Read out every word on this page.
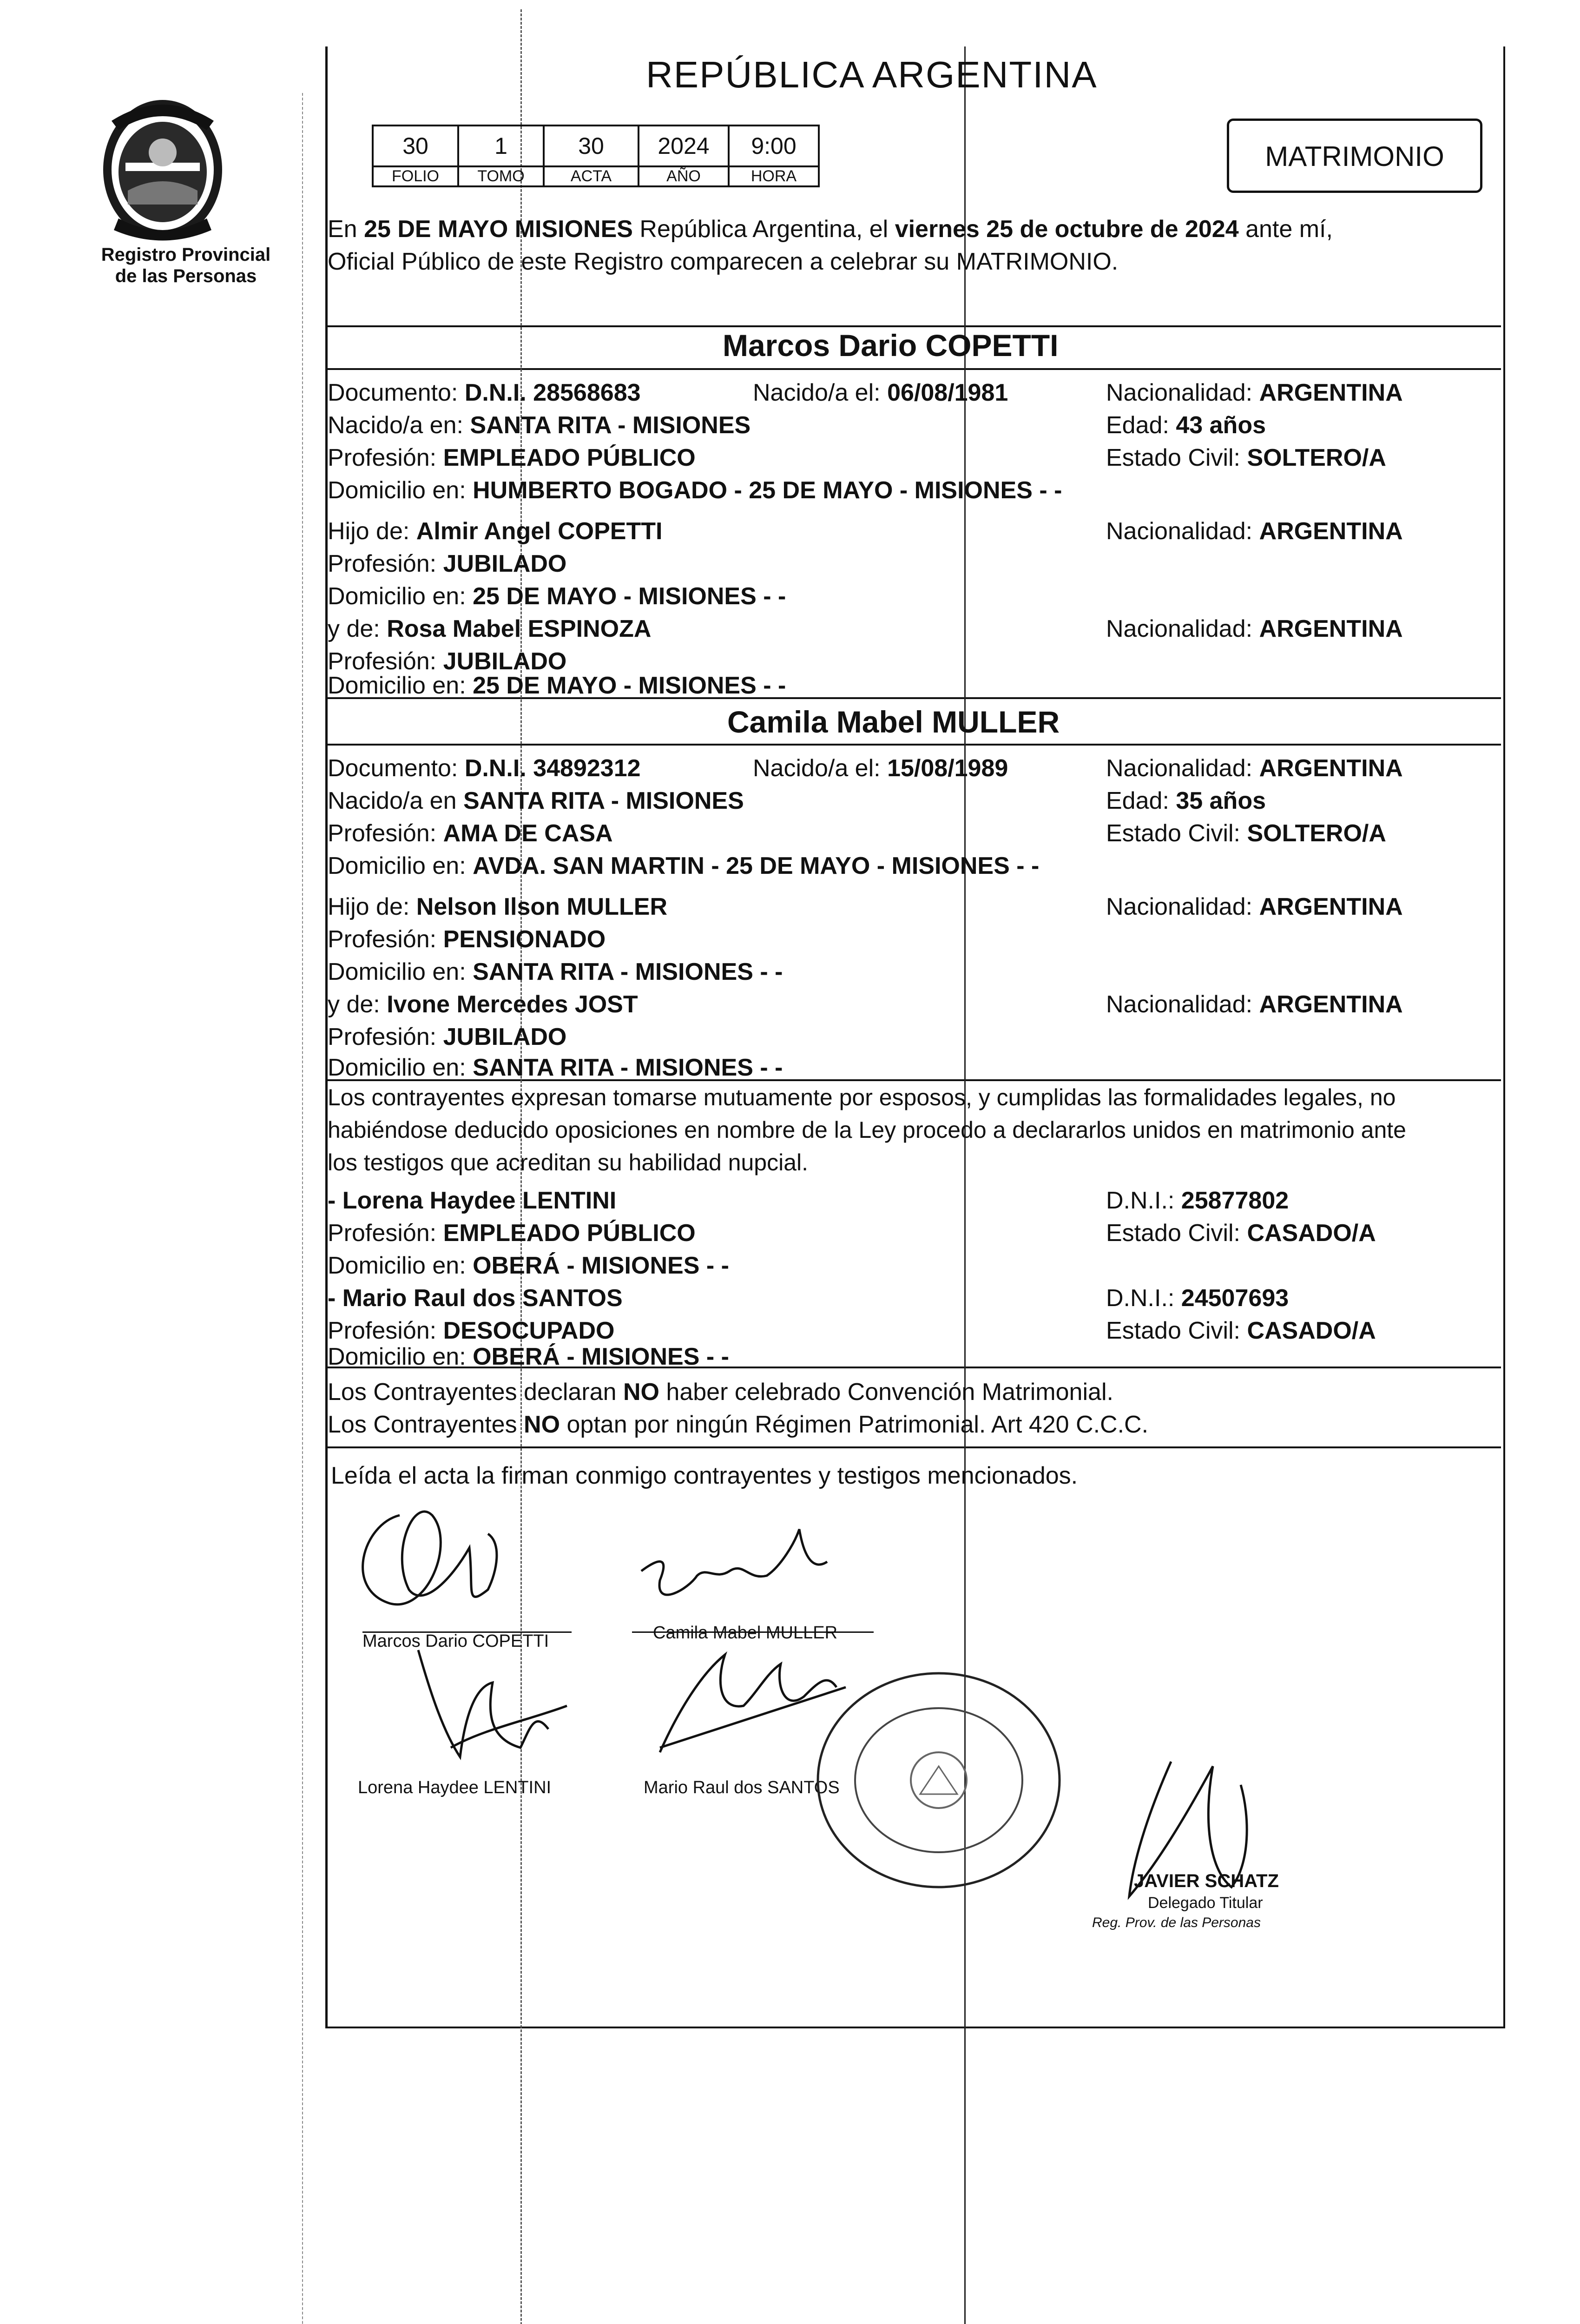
Registro Provincial
de las Personas
REPÚBLICA ARGENTINA
30	1	30	2024	9:00
FOLIO	TOMO	ACTA	AÑO	HORA
MATRIMONIO
En 25 DE MAYO MISIONES República Argentina, el viernes 25 de octubre de 2024 ante mí,
Oficial Público de este Registro comparecen a celebrar su MATRIMONIO.
Marcos Dario COPETTI
Documento: D.N.I. 28568683	Nacido/a el: 06/08/1981	Nacionalidad: ARGENTINA
Nacido/a en: SANTA RITA - MISIONES	Edad: 43 años
Profesión: EMPLEADO PÚBLICO	Estado Civil: SOLTERO/A
Domicilio en: HUMBERTO BOGADO - 25 DE MAYO - MISIONES - -
Hijo de: Almir Angel COPETTI	Nacionalidad: ARGENTINA
Profesión: JUBILADO
Domicilio en: 25 DE MAYO - MISIONES - -
y de: Rosa Mabel ESPINOZA	Nacionalidad: ARGENTINA
Profesión: JUBILADO
Domicilio en: 25 DE MAYO - MISIONES - -
Camila Mabel MULLER
Documento: D.N.I. 34892312	Nacido/a el: 15/08/1989	Nacionalidad: ARGENTINA
Nacido/a en SANTA RITA - MISIONES	Edad: 35 años
Profesión: AMA DE CASA	Estado Civil: SOLTERO/A
Domicilio en: AVDA. SAN MARTIN - 25 DE MAYO - MISIONES - -
Hijo de: Nelson Ilson MULLER	Nacionalidad: ARGENTINA
Profesión: PENSIONADO
Domicilio en: SANTA RITA - MISIONES - -
y de: Ivone Mercedes JOST	Nacionalidad: ARGENTINA
Profesión: JUBILADO
Domicilio en: SANTA RITA - MISIONES - -
Los contrayentes expresan tomarse mutuamente por esposos, y cumplidas las formalidades legales, no
habiéndose deducido oposiciones en nombre de la Ley procedo a declararlos unidos en matrimonio ante
los testigos que acreditan su habilidad nupcial.
- Lorena Haydee LENTINI	D.N.I.: 25877802
Profesión: EMPLEADO PÚBLICO	Estado Civil: CASADO/A
Domicilio en: OBERÁ - MISIONES - -
- Mario Raul dos SANTOS	D.N.I.: 24507693
Profesión: DESOCUPADO	Estado Civil: CASADO/A
Domicilio en: OBERÁ - MISIONES - -
Los Contrayentes declaran NO haber celebrado Convención Matrimonial.
Los Contrayentes NO optan por ningún Régimen Patrimonial. Art 420 C.C.C.
Leída el acta la firman conmigo contrayentes y testigos mencionados.
Marcos Dario COPETTI	Camila Mabel MULLER
Lorena Haydee LENTINI	Mario Raul dos SANTOS
JAVIER SCHATZ
Delegado Titular
Reg. Prov. de las Personas
